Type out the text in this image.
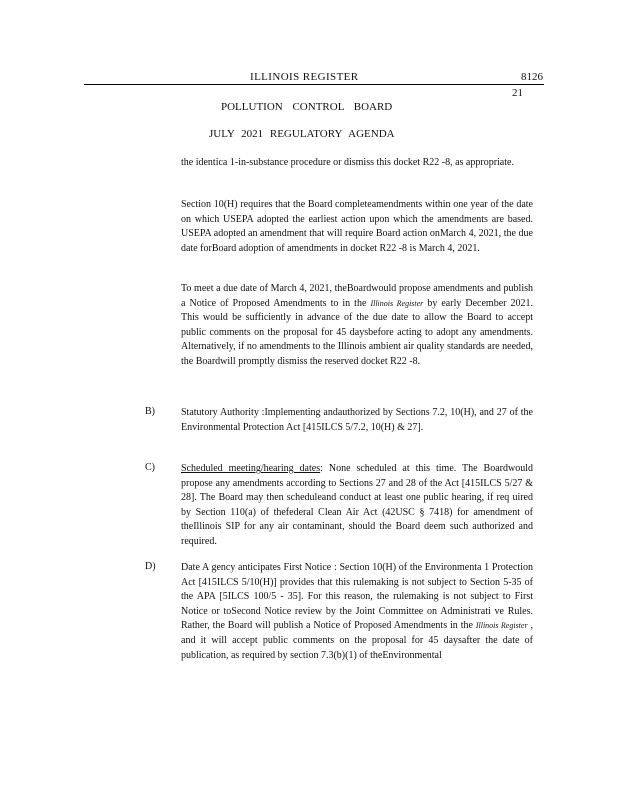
ILLINOIS REGISTER	8126
21
POLLUTION CONTROL BOARD
JULY 2021 REGULATORY AGENDA
the identica 1-in-substance procedure or dismiss this docket R22 -8, as appropriate.
Section 10(H) requires that the Board completeamendments within one year of the date on which USEPA adopted the earliest action upon which the amendments are based. USEPA adopted an amendment that will require Board action onMarch 4, 2021, the due date forBoard adoption of amendments in docket R22 -8 is March 4, 2021.
To meet a due date of March 4, 2021, theBoardwould propose amendments and publish a Notice of Proposed Amendments to in the Illinois Register by early December 2021. This would be sufficiently in advance of the due date to allow the Board to accept public comments on the proposal for 45 daysbefore acting to adopt any amendments. Alternatively, if no amendments to the Illinois ambient air quality standards are needed, the Boardwill promptly dismiss the reserved docket R22 -8.
B)	Statutory Authority :Implementing andauthorized by Sections 7.2, 10(H), and 27 of the Environmental Protection Act [415ILCS 5/7.2, 10(H) & 27].
C)	Scheduled meeting/hearing dates: None scheduled at this time. The Boardwould propose any amendments according to Sections 27 and 28 of the Act [415ILCS 5/27 & 28]. The Board may then scheduleand conduct at least one public hearing, if req uired by Section 110(a) of thefederal Clean Air Act (42USC § 7418) for amendment of theIllinois SIP for any air contaminant, should the Board deem such authorized and required.
D)	Date A gency anticipates First Notice : Section 10(H) of the Environmenta 1 Protection Act [415ILCS 5/10(H)] provides that this rulemaking is not subject to Section 5-35 of the APA [5ILCS 100/5 - 35]. For this reason, the rulemaking is not subject to First Notice or toSecond Notice review by the Joint Committee on Administrati ve Rules. Rather, the Board will publish a Notice of Proposed Amendments in the Illinois Register , and it will accept public comments on the proposal for 45 daysafter the date of publication, as required by section 7.3(b)(1) of theEnvironmental
